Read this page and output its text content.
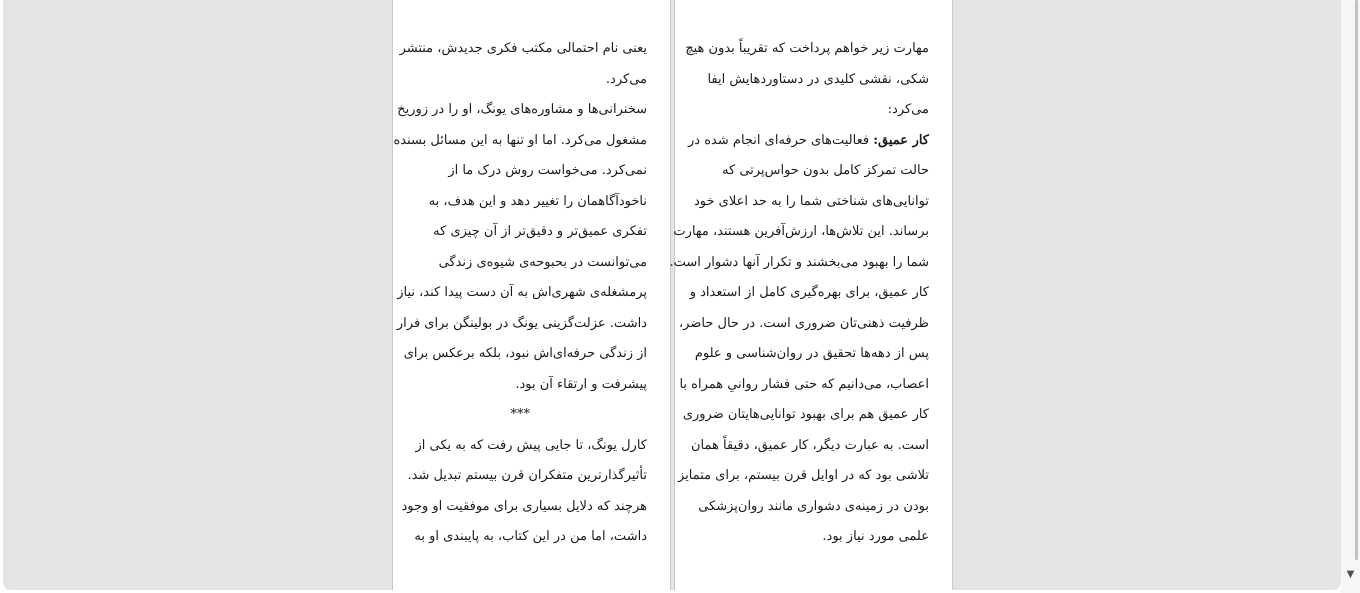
یعنی نام احتمالی مکتب فکری جدیدش، منتشر
می‌کرد.
سخنرانی‌ها و مشاوره‌های یونگ، او را در زوریخ
مشغول می‌کرد. اما او تنها به این مسائل بسنده
نمی‌کرد. می‌خواست روش درک ما از
ناخودآگاهمان را تغییر دهد و این هدف، به
تفکری عمیق‌تر و دقیق‌تر از آن چیزی که
می‌توانست در بحبوحه‌ی شیوه‌ی زندگی
پرمشغله‌ی شهری‌اش به آن دست پیدا کند، نیاز
داشت. عزلت‌گزینی یونگ در بولینگن برای فرار
از زندگی حرفه‌ای‌اش نبود، بلکه برعکس برای
پیشرفت و ارتقاء آن بود.
***
کارل یونگ، تا جایی پیش رفت که به یکی از
تأثیرگذارترین متفکران قرن بیستم تبدیل شد.
هرچند که دلایل بسیاری برای موفقیت او وجود
داشت، اما من در این کتاب، به پایبندی او به
مهارت زیر خواهم پرداخت که تقریباً بدون هیچ
شکی، نقشی کلیدی در دستاوردهایش ایفا
می‌کرد:
کار عمیق: فعالیت‌های حرفه‌ای انجام شده در
حالت تمرکز کامل بدون حواس‌پرتی که
توانایی‌های شناختی شما را به حد اعلای خود
برساند. این تلاش‌ها، ارزش‌آفرین هستند، مهارت
شما را بهبود می‌بخشند و تکرار آنها دشوار است.
کار عمیق، برای بهره‌گیری کامل از استعداد و
ظرفیت ذهنی‌تان ضروری است. در حال حاضر،
پس از دهه‌ها تحقیق در روان‌شناسی و علوم
اعصاب، می‌دانیم که حتی فشار روانیِ همراه با
کار عمیق هم برای بهبود توانایی‌هایتان ضروری
است. به عبارت دیگر، کار عمیق، دقیقاً همان
تلاشی بود که در اوایل قرن بیستم، برای متمایز
بودن در زمینه‌ی دشواری مانند روان‌پزشکی
علمی مورد نیاز بود.
▼
